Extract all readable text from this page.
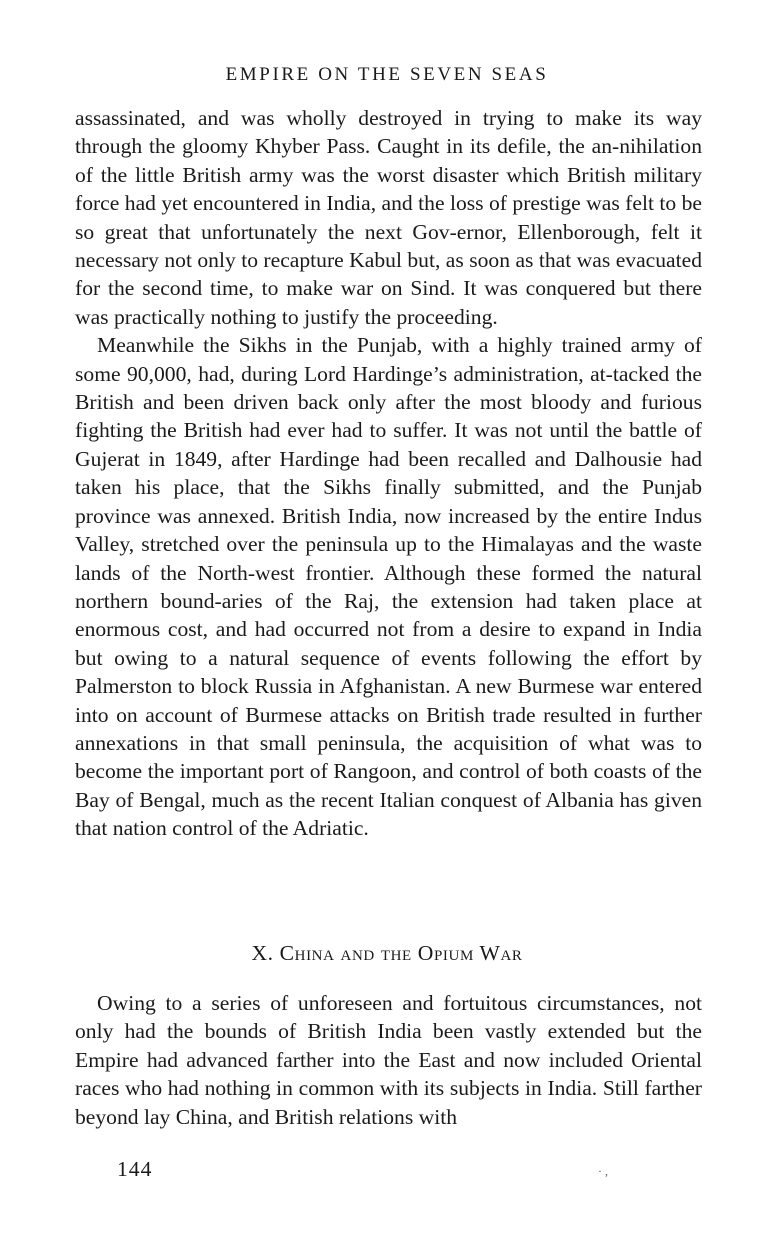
EMPIRE ON THE SEVEN SEAS

assassinated, and was wholly destroyed in trying to make its way through the gloomy Khyber Pass. Caught in its defile, the an-nihilation of the little British army was the worst disaster which British military force had yet encountered in India, and the loss of prestige was felt to be so great that unfortunately the next Gov-ernor, Ellenborough, felt it necessary not only to recapture Kabul but, as soon as that was evacuated for the second time, to make war on Sind. It was conquered but there was practically nothing to justify the proceeding.

Meanwhile the Sikhs in the Punjab, with a highly trained army of some 90,000, had, during Lord Hardinge’s administration, at-tacked the British and been driven back only after the most bloody and furious fighting the British had ever had to suffer. It was not until the battle of Gujerat in 1849, after Hardinge had been recalled and Dalhousie had taken his place, that the Sikhs finally submitted, and the Punjab province was annexed. British India, now increased by the entire Indus Valley, stretched over the peninsula up to the Himalayas and the waste lands of the North-west frontier. Although these formed the natural northern bound-aries of the Raj, the extension had taken place at enormous cost, and had occurred not from a desire to expand in India but owing to a natural sequence of events following the effort by Palmerston to block Russia in Afghanistan. A new Burmese war entered into on account of Burmese attacks on British trade resulted in further annexations in that small peninsula, the acquisition of what was to become the important port of Rangoon, and control of both coasts of the Bay of Bengal, much as the recent Italian conquest of Albania has given that nation control of the Adriatic.

X. China and the Opium War

Owing to a series of unforeseen and fortuitous circumstances, not only had the bounds of British India been vastly extended but the Empire had advanced farther into the East and now included Oriental races who had nothing in common with its subjects in India. Still farther beyond lay China, and British relations with

144	· ,
